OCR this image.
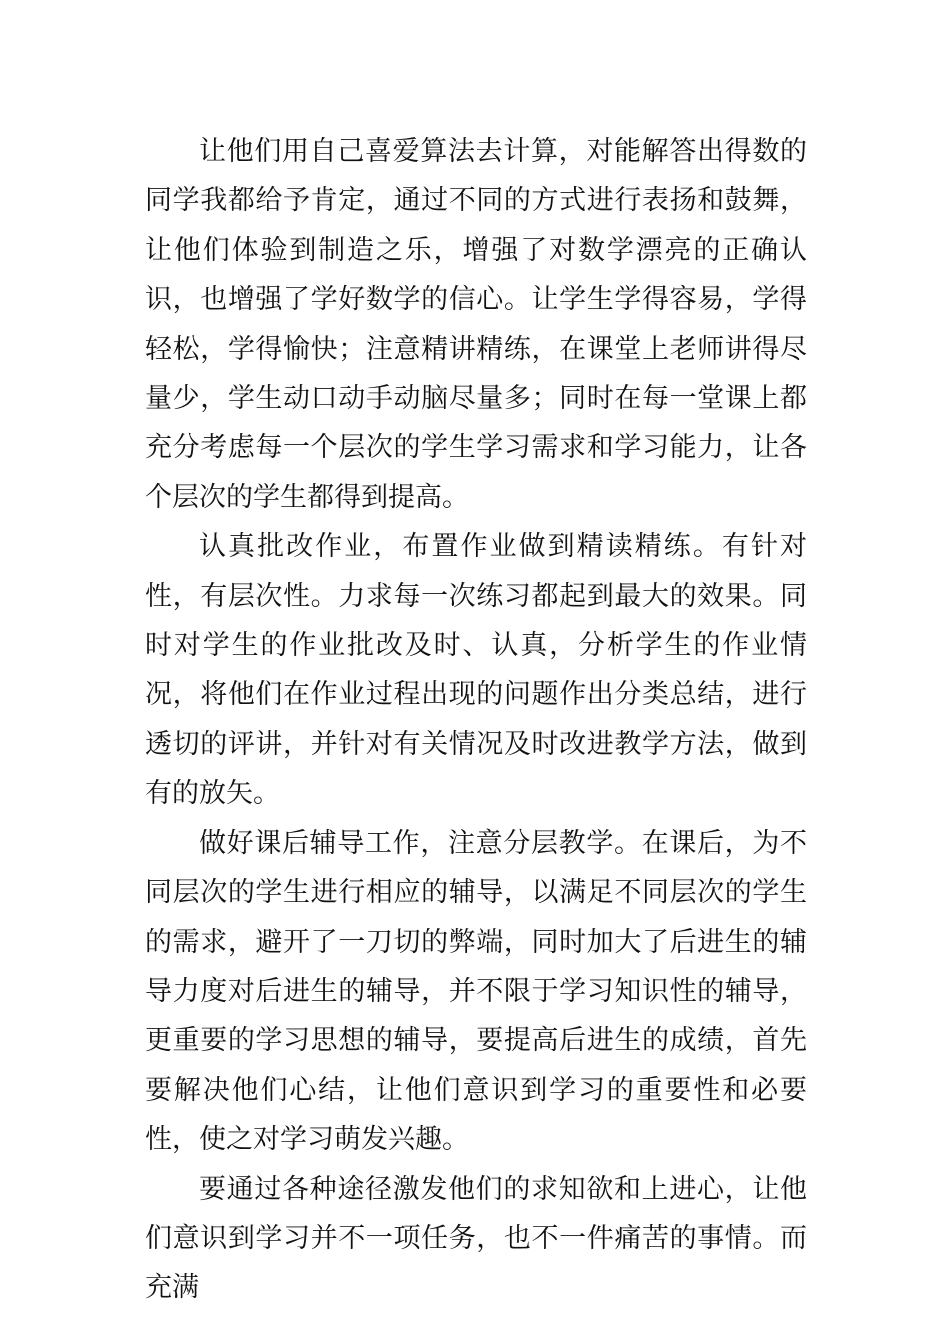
让他们用自己喜爱算法去计算，对能解答出得数的同学我都给予肯定，通过不同的方式进行表扬和鼓舞，让他们体验到制造之乐，增强了对数学漂亮的正确认识，也增强了学好数学的信心。让学生学得容易，学得轻松，学得愉快；注意精讲精练，在课堂上老师讲得尽量少，学生动口动手动脑尽量多；同时在每一堂课上都充分考虑每一个层次的学生学习需求和学习能力，让各个层次的学生都得到提高。

认真批改作业，布置作业做到精读精练。有针对性，有层次性。力求每一次练习都起到最大的效果。同时对学生的作业批改及时、认真，分析学生的作业情况，将他们在作业过程出现的问题作出分类总结，进行透切的评讲，并针对有关情况及时改进教学方法，做到有的放矢。

做好课后辅导工作，注意分层教学。在课后，为不同层次的学生进行相应的辅导，以满足不同层次的学生的需求，避开了一刀切的弊端，同时加大了后进生的辅导力度对后进生的辅导，并不限于学习知识性的辅导，更重要的学习思想的辅导，要提高后进生的成绩，首先要解决他们心结，让他们意识到学习的重要性和必要性，使之对学习萌发兴趣。

要通过各种途径激发他们的求知欲和上进心，让他们意识到学习并不一项任务，也不一件痛苦的事情。而充满
